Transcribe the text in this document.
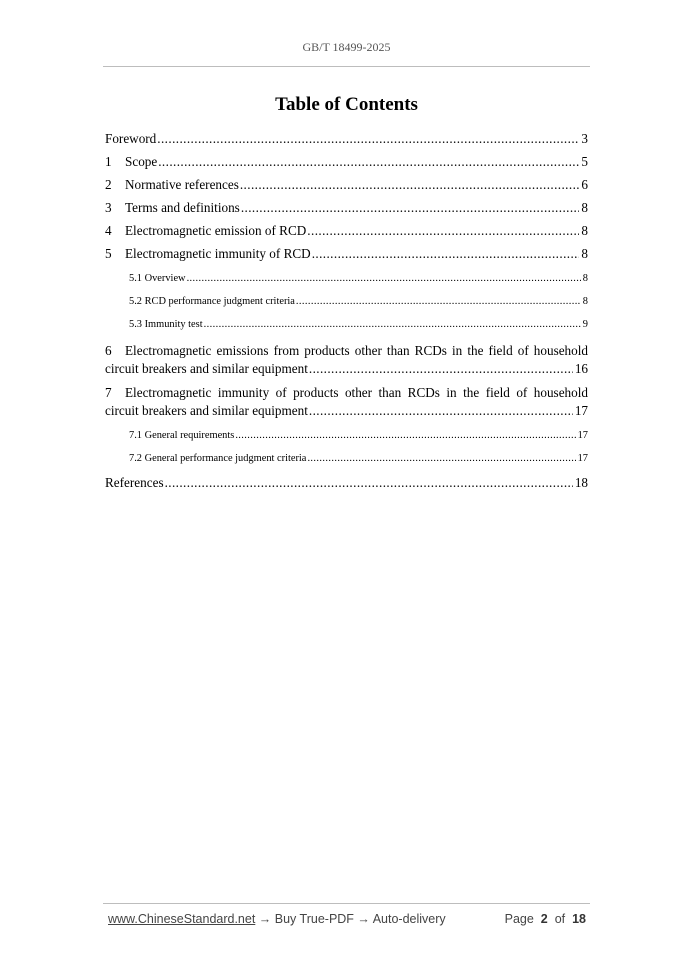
GB/T 18499-2025
Table of Contents
Foreword .....	3
1	Scope .....	5
2	Normative references .....	6
3	Terms and definitions .....	8
4	Electromagnetic emission of RCD .....	8
5	Electromagnetic immunity of RCD .....	8
5.1 Overview .....	8
5.2 RCD performance judgment criteria .....	8
5.3 Immunity test .....	9
6 Electromagnetic emissions from products other than RCDs in the field of household
circuit breakers and similar equipment .....	16
7 Electromagnetic immunity of products other than RCDs in the field of household
circuit breakers and similar equipment .....	17
7.1 General requirements .....	17
7.2 General performance judgment criteria .....	17
References .....	18
www.ChineseStandard.net → Buy True-PDF → Auto-delivery	Page 2 of 18
